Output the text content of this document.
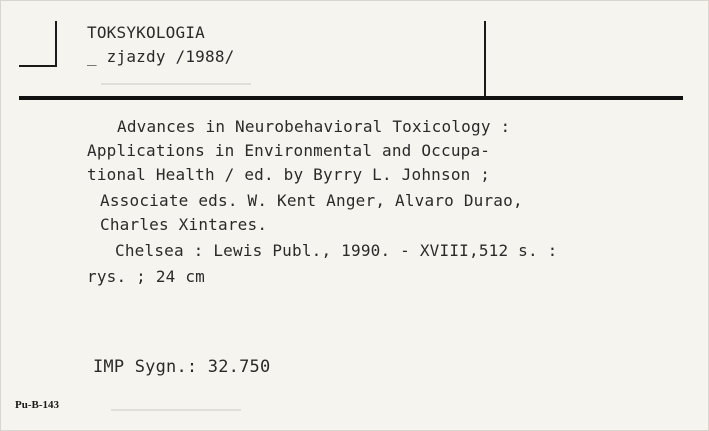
TOKSYKOLOGIA
_ zjazdy /1988/
Advances in Neurobehavioral Toxicology :
Applications in Environmental and Occupa-
tional Health / ed. by Byrry L. Johnson ;
Associate eds. W. Kent Anger, Alvaro Durao,
Charles Xintares.
Chelsea : Lewis Publ., 1990. - XVIII,512 s. :
rys. ; 24 cm
IMP Sygn.: 32.750
Pu-B-143
